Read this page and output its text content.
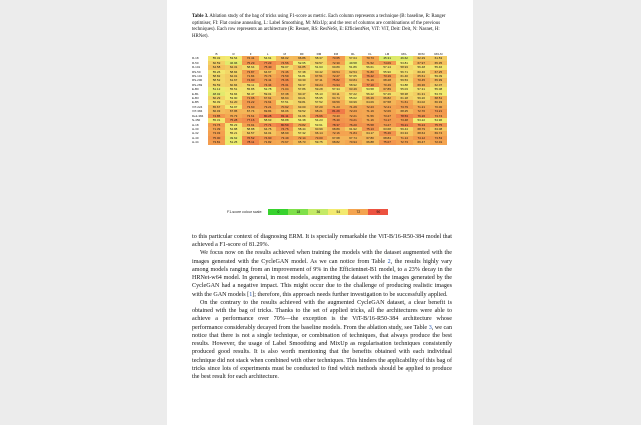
Table 3. Ablation study of the bag of tricks using F1-score as metric. Each column represents a technique (B: baseline, R: Ranger optimiser, FI: Flat cosine annealing, L: Label Smoothing, M: MixUp; and the rest of columns are combinations of the previous techniques). Each row represents an architecture (R: Resnet, RS: ResNeSt, E: EfficientNet, ViT: ViT, Deit: Deit, N: Nasnet, H: HRNet).
	B	R	F	L	M	RF	RM	FM	RL	FL	LM	RFL	RFM	RFLM
R-18	55.32	53.54	72.41	54.61	66.02	66.86	58.37	73.65	57.64	70.73	45.31	46.62	62.29	61.53
R-50	60.59	46.96	75.29	77.23	74.56	52.65	59.57	72.30	49.58	71.52	74.09	53.81	67.97	65.35
R-101	64.58	62.31	58.64	75.40	59.07	64.85	51.63	60.89	51.86	56.61	57.14	58.93	56.48	55.46
RS-50	55.26	58.84	73.87	64.67	72.46	57.38	60.42	69.54	62.54	71.80	55.90	56.71	60.46	67.25
RS-101	58.82	62.01	71.84	70.74	73.59	54.81	67.51	72.27	57.65	76.42	73.19	61.40	65.61	59.09
RS-200	58.52	61.67	74.90	73.41	76.36	60.30	67.11	75.82	63.84	71.19	68.28	59.53	70.45	65.99
RS-269	59.59	60.84	59.11	74.34	76.31	59.37	69.24	74.94	58.92	77.10	70.49	54.88	69.36	62.07
E-B0	51.12	55.51	55.85	52.78	71.04	57.86	59.28	57.34	63.49	53.58	67.89	55.03	57.31	55.08
E-B1	48.02	53.84	56.47	59.01	67.38	60.47	55.13	63.11	57.22	56.22	57.26	58.38	61.31	53.70
E-B3	60.29	53.90	71.96	67.61	66.64	60.21	55.95	64.74	55.02	66.49	66.82	61.18	59.20	68.51
E-B5	56.09	61.20	74.22	72.61	57.51	59.81	57.52	69.59	60.99	64.09	67.58	71.61	64.02	66.93
ViT-224	65.67	54.97	73.60	73.21	70.92	63.00	67.20	71.23	71.29	72.23	72.21	73.79	71.21	70.00
ViT-384	66.03	67.95	67.74	69.84	66.06	59.52	68.21	81.29	72.23	71.19	72.06	68.25	72.70	74.21
Deit-384	74.85	70.73	73.61	80.28	81.11	61.66	76.66	73.43	72.21	71.56	73.27	78.53	76.26	73.74
N-450	55.31	75.28	77.16	58.63	56.88	54.38	54.23	75.40	74.21	71.16	74.17	73.48	53.22	54.96
H-18	73.76	55.23	72.91	77.71	80.59	70.82	53.61	78.37	76.20	75.58	74.27	79.21	76.24	75.75
H-30	71.39	54.88	58.88	64.76	74.76	58.44	60.99	68.89	61.92	75.13	63.68	59.44	68.79	63.08
H-32	73.03	55.21	62.57	64.01	68.99	57.32	66.14	72.16	71.84	64.17	75.46	63.34	68.64	69.74
H-40	75.00	49.62	76.52	74.90	73.49	72.14	73.00	67.68	67.74	67.80	68.84	71.14	74.12	73.53
H-44	73.81	51.25	78.11	71.82	70.67	65.73	59.75	68.82	70.94	66.88	75.07	72.73	69.47	72.01
F1-score colour scale:	0	18	36	54	72	90

to this particular context of diagnosing ERM. It is specially remarkable the ViT-B/16-R50-384 model that achieved a F1-score of 81.29%.

We focus now on the results achieved when training the models with the dataset augmented with the images generated with the CycleGAN model. As we can notice from Table 2, the results highly vary among models ranging from an improvement of 9% in the Efficientnet-B1 model, to a 23% decay in the HRNet-w64 model. In general, in most models, augmenting the dataset with the images generated by the CycleGAN had a negative impact. This might occur due to the challenge of producing realistic images with the GAN models [1]; therefore, this approach needs further investigation to be successfully applied.

On the contrary to the results achieved with the augmented CycleGAN dataset, a clear benefit is obtained with the bag of tricks. Thanks to the set of applied tricks, all the architectures were able to achieve a performance over 70%—the exception is the ViT-B/16-R50-384 architecture whose performance considerably decayed from the baseline models. From the ablation study, see Table 3, we can notice that there is not a single technique, or combination of techniques, that always produce the best results. However, the usage of Label Smoothing and MixUp as regularisation techniques consistently produced good results. It is also worth mentioning that the benefits obtained with each individual technique did not stack when combined with other techniques. This hinders the applicability of this bag of tricks since lots of experiments must be conducted to find which methods should be applied to produce the best result for each architecture.
